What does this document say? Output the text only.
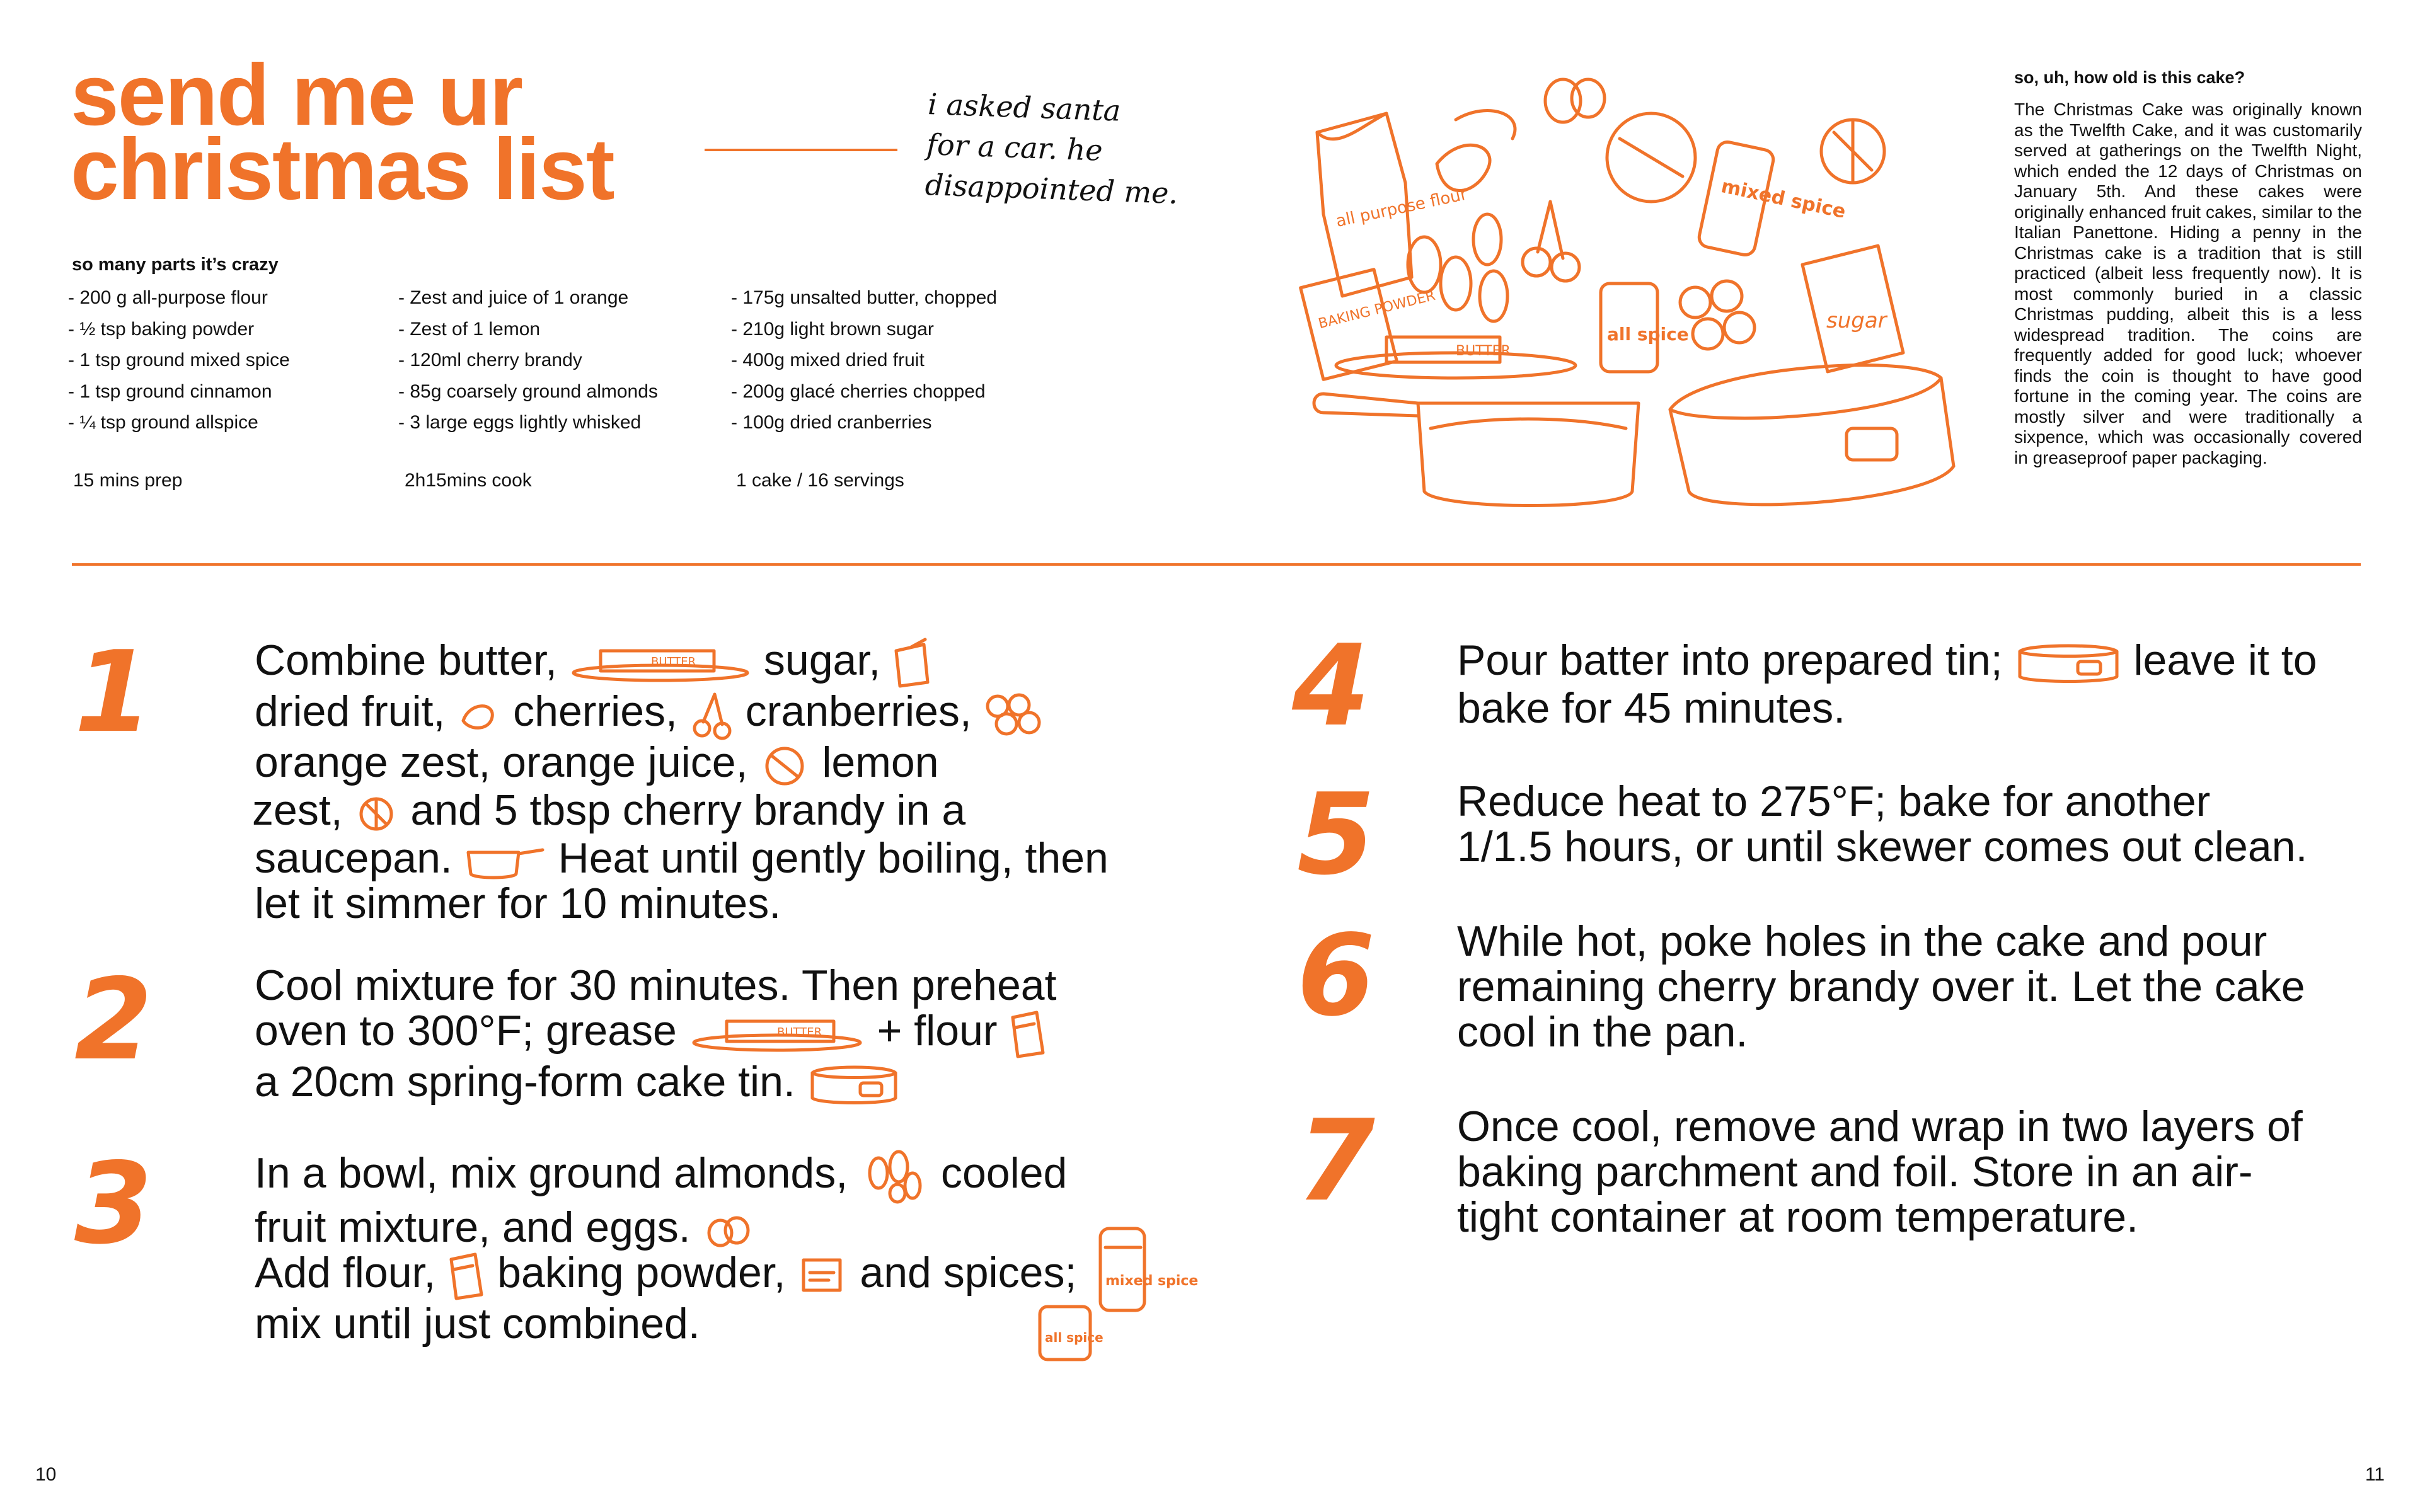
send me ur
christmas list
i asked santa
for a car. he
disappointed me.
so many parts it’s crazy
- 200 g all-purpose flour
- ½ tsp baking powder
- 1 tsp ground mixed spice
- 1 tsp ground cinnamon
- ¼ tsp ground allspice
- Zest and juice of 1 orange
- Zest of 1 lemon
- 120ml cherry brandy
- 85g coarsely ground almonds
- 3 large eggs lightly whisked
- 175g unsalted butter, chopped
- 210g light brown sugar
- 400g mixed dried fruit
- 200g glacé cherries chopped
- 100g dried cranberries
15 mins prep	2h15mins cook	1 cake / 16 servings
all purpose flour	mixed spice
BAKING POWDER
all spice
sugar
BUTTER
so, uh, how old is this cake?
The Christmas Cake was originally known as the Twelfth Cake, and it was customarily served at gatherings on the Twelfth Night, which ended the 12 days of Christmas on January 5th. And these cakes were originally enhanced fruit cakes, similar to the Italian Panettone. Hiding a penny in the Christmas cake is a tradition that is still practiced (albeit less frequently now). It is most commonly buried in a classic Christmas pudding, albeit this is a less widespread tradition. The coins are frequently added for good luck; whoever finds the coin is thought to have good fortune in the coming year. The coins are mostly silver and were traditionally a sixpence, which was occasionally covered in greaseproof paper packaging.
1 Combine butter,	BUTTER sugar,
dried fruit, cherries, cranberries,
orange zest, orange juice, lemon
zest, and 5 tbsp cherry brandy in a
saucepan. Heat until gently boiling, then
let it simmer for 10 minutes.
2 Cool mixture for 30 minutes. Then preheat
oven to 300°F; grease	BUTTER + flour
a 20cm spring-form cake tin.
3 In a bowl, mix ground almonds, cooled
fruit mixture, and eggs.
Add flour, baking powder, and spices;
mix until just combined.
mixed spice
all spice
4 Pour batter into prepared tin;	leave it to
bake for 45 minutes.
5 Reduce heat to 275°F; bake for another
1/1.5 hours, or until skewer comes out clean.
6 While hot, poke holes in the cake and pour
remaining cherry brandy over it. Let the cake
cool in the pan.
7 Once cool, remove and wrap in two layers of
baking parchment and foil. Store in an air-
tight container at room temperature.
10	11
